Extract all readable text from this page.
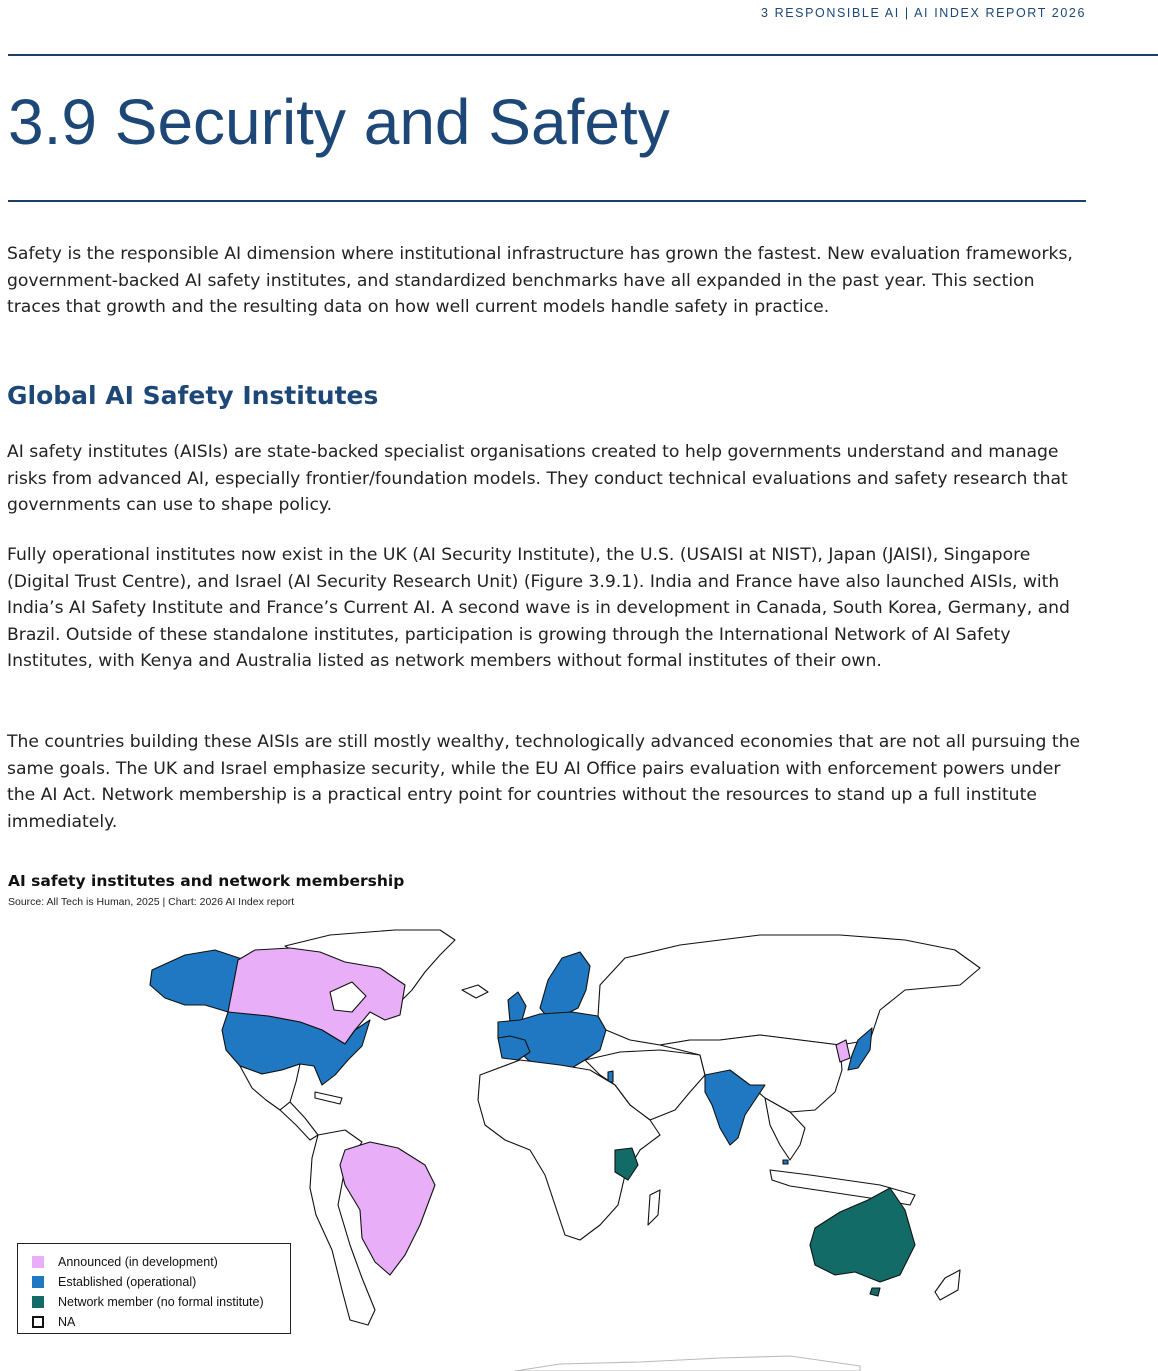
3 RESPONSIBLE AI | AI INDEX REPORT 2026
3.9 Security and Safety

Safety is the responsible AI dimension where institutional infrastructure has grown the fastest. New evaluation frameworks, government-backed AI safety institutes, and standardized benchmarks have all expanded in the past year. This section traces that growth and the resulting data on how well current models handle safety in practice.

Global AI Safety Institutes

AI safety institutes (AISIs) are state-backed specialist organisations created to help governments understand and manage risks from advanced AI, especially frontier/foundation models. They conduct technical evaluations and safety research that governments can use to shape policy.

Fully operational institutes now exist in the UK (AI Security Institute), the U.S. (USAISI at NIST), Japan (JAISI), Singapore (Digital Trust Centre), and Israel (AI Security Research Unit) (Figure 3.9.1). India and France have also launched AISIs, with India’s AI Safety Institute and France’s Current AI. A second wave is in development in Canada, South Korea, Germany, and Brazil. Outside of these standalone institutes, participation is growing through the International Network of AI Safety Institutes, with Kenya and Australia listed as network members without formal institutes of their own.

The countries building these AISIs are still mostly wealthy, technologically advanced economies that are not all pursuing the same goals. The UK and Israel emphasize security, while the EU AI Office pairs evaluation with enforcement powers under the AI Act. Network membership is a practical entry point for countries without the resources to stand up a full institute immediately.

AI safety institutes and network membership
Source: All Tech is Human, 2025 | Chart: 2026 AI Index report
Announced (in development)
Established (operational)
Network member (no formal institute)
NA
